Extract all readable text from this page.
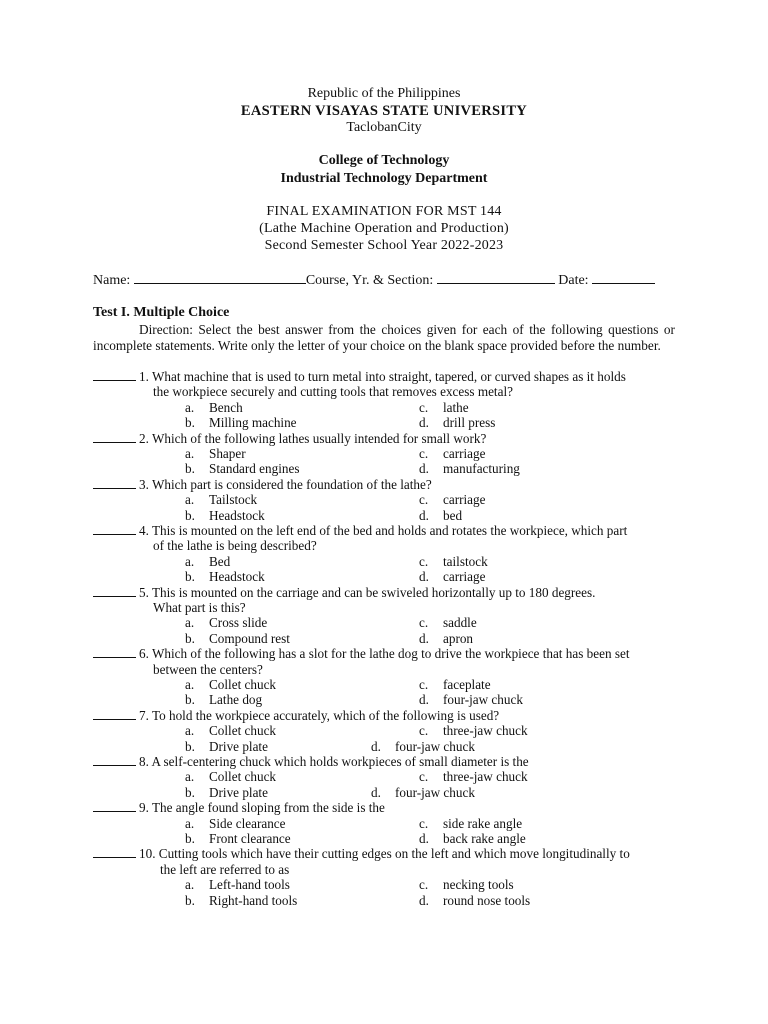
Republic of the Philippines
EASTERN VISAYAS STATE UNIVERSITY
TaclobanCity
College of Technology
Industrial Technology Department
FINAL EXAMINATION FOR MST 144
(Lathe Machine Operation and Production)
Second Semester School Year 2022-2023
Name:	Course, Yr. & Section:	Date:
Test I. Multiple Choice
Direction: Select the best answer from the choices given for each of the following questions or incomplete statements. Write only the letter of your choice on the blank space provided before the number.
1. What machine that is used to turn metal into straight, tapered, or curved shapes as it holds
the workpiece securely and cutting tools that removes excess metal?
a. Bench	c. lathe
b. Milling machine	d. drill press
2. Which of the following lathes usually intended for small work?
a. Shaper	c. carriage
b. Standard engines	d. manufacturing
3. Which part is considered the foundation of the lathe?
a. Tailstock	c. carriage
b. Headstock	d. bed
4. This is mounted on the left end of the bed and holds and rotates the workpiece, which part
of the lathe is being described?
a. Bed	c. tailstock
b. Headstock	d. carriage
5. This is mounted on the carriage and can be swiveled horizontally up to 180 degrees.
What part is this?
a. Cross slide	c. saddle
b. Compound rest	d. apron
6. Which of the following has a slot for the lathe dog to drive the workpiece that has been set
between the centers?
a. Collet chuck	c. faceplate
b. Lathe dog	d. four-jaw chuck
7. To hold the workpiece accurately, which of the following is used?
a. Collet chuck	c. three-jaw chuck
b. Drive plate	d. four-jaw chuck
8. A self-centering chuck which holds workpieces of small diameter is the
a. Collet chuck	c. three-jaw chuck
b. Drive plate	d. four-jaw chuck
9. The angle found sloping from the side is the
a. Side clearance	c. side rake angle
b. Front clearance	d. back rake angle
10. Cutting tools which have their cutting edges on the left and which move longitudinally to
the left are referred to as
a. Left-hand tools	c. necking tools
b. Right-hand tools	d. round nose tools
